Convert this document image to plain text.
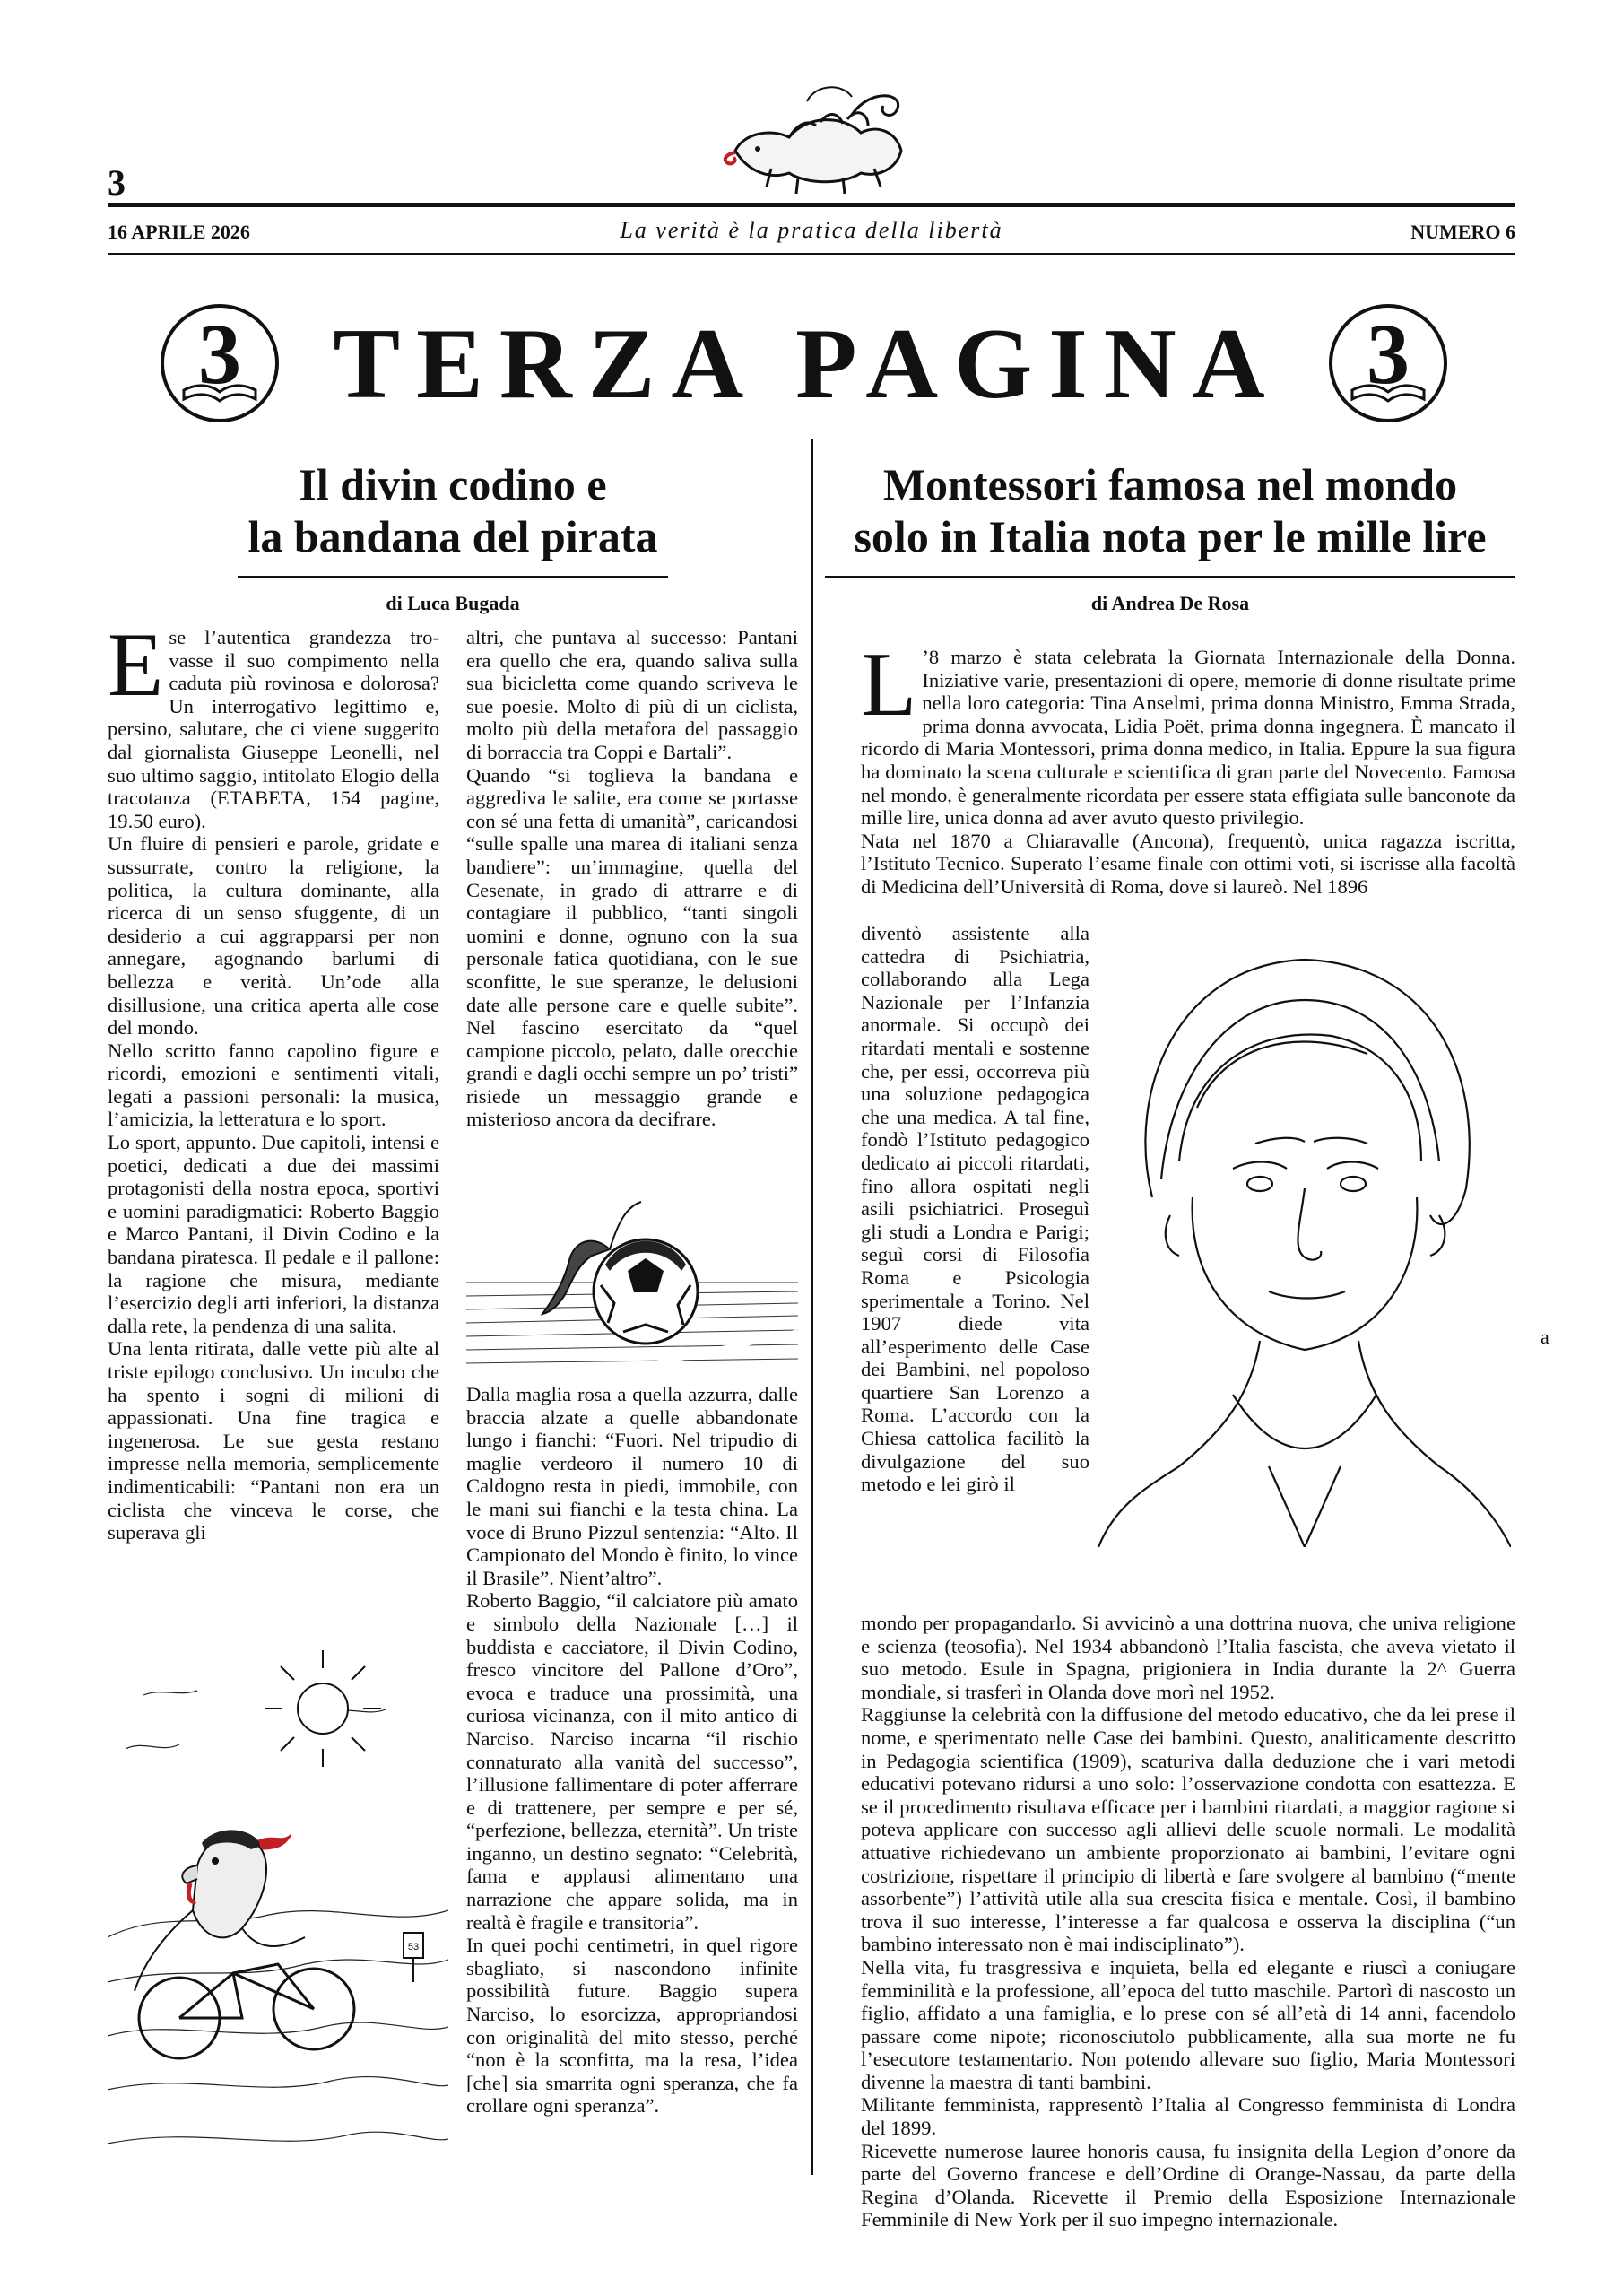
3
16 APRILE 2026	La verità è la pratica della libertà	NUMERO 6
3 TERZA PAGINA 3
Il divin codino e
la bandana del pirata
di Luca Bugada

E se l’autentica grandezza tro-vasse il suo compimento nella caduta più rovinosa e dolorosa? Un interrogativo legittimo e, persino, salutare, che ci viene suggerito dal giornalista Giuseppe Leonelli, nel suo ultimo saggio, intitolato Elogio della tracotanza (ETABETA, 154 pagine, 19.50 euro).

Un fluire di pensieri e parole, gridate e sussurrate, contro la religione, la politica, la cultura dominante, alla ricerca di un senso sfuggente, di un desiderio a cui aggrapparsi per non annegare, agognando barlumi di bellezza e verità. Un’ode alla disillusione, una critica aperta alle cose del mondo.

Nello scritto fanno capolino figure e ricordi, emozioni e sentimenti vitali, legati a passioni personali: la musica, l’amicizia, la letteratura e lo sport.

Lo sport, appunto. Due capitoli, intensi e poetici, dedicati a due dei massimi protagonisti della nostra epoca, sportivi e uomini paradigmatici: Roberto Baggio e Marco Pantani, il Divin Codino e la bandana piratesca. Il pedale e il pallone: la ragione che misura, mediante l’esercizio degli arti inferiori, la distanza dalla rete, la pendenza di una salita.

Una lenta ritirata, dalle vette più alte al triste epilogo conclusivo. Un incubo che ha spento i sogni di milioni di appassionati. Una fine tragica e ingenerosa. Le sue gesta restano impresse nella memoria, semplicemente indimenticabili: “Pantani non era un ciclista che vinceva le corse, che superava gli

53

altri, che puntava al successo: Pantani era quello che era, quando saliva sulla sua bicicletta come quando scriveva le sue poesie. Molto di più di un ciclista, molto più della metafora del passaggio di borraccia tra Coppi e Bartali”.

Quando “si toglieva la bandana e aggrediva le salite, era come se portasse con sé una fetta di umanità”, caricandosi “sulle spalle una marea di italiani senza bandiere”: un’immagine, quella del Cesenate, in grado di attrarre e di contagiare il pubblico, “tanti singoli uomini e donne, ognuno con la sua personale fatica quotidiana, con le sue sconfitte, le sue speranze, le delusioni date alle persone care e quelle subite”. Nel fascino esercitato da “quel campione piccolo, pelato, dalle orecchie grandi e dagli occhi sempre un po’ tristi” risiede un messaggio grande e misterioso ancora da decifrare.

Dalla maglia rosa a quella azzurra, dalle braccia alzate a quelle abbandonate lungo i fianchi: “Fuori. Nel tripudio di maglie verdeoro il numero 10 di Caldogno resta in piedi, immobile, con le mani sui fianchi e la testa china. La voce di Bruno Pizzul sentenzia: “Alto. Il Campionato del Mondo è finito, lo vince il Brasile”. Nient’altro”.

Roberto Baggio, “il calciatore più amato e simbolo della Nazionale […] il buddista e cacciatore, il Divin Codino, fresco vincitore del Pallone d’Oro”, evoca e traduce una prossimità, una curiosa vicinanza, con il mito antico di Narciso. Narciso incarna “il rischio connaturato alla vanità del successo”, l’illusione fallimentare di poter afferrare e di trattenere, per sempre e per sé, “perfezione, bellezza, eternità”. Un triste inganno, un destino segnato: “Celebrità, fama e applausi alimentano una narrazione che appare solida, ma in realtà è fragile e transitoria”.

In quei pochi centimetri, in quel rigore sbagliato, si nascondono infinite possibilità future. Baggio supera Narciso, lo esorcizza, appropriandosi con originalità del mito stesso, perché “non è la sconfitta, ma la resa, l’idea [che] sia smarrita ogni speranza, che fa crollare ogni speranza”.

Montessori famosa nel mondo
solo in Italia nota per le mille lire
di Andrea De Rosa

L ’8 marzo è stata celebrata la Giornata Internazionale della Donna. Iniziative varie, presentazioni di opere, memorie di donne risultate prime nella loro categoria: Tina Anselmi, prima donna Ministro, Emma Strada, prima donna avvocata, Lidia Poët, prima donna ingegnera. È mancato il ricordo di Maria Montessori, prima donna medico, in Italia. Eppure la sua figura ha dominato la scena culturale e scientifica di gran parte del Novecento. Famosa nel mondo, è generalmente ricordata per essere stata effigiata sulle banconote da mille lire, unica donna ad aver avuto questo privilegio.

Nata nel 1870 a Chiaravalle (Ancona), frequentò, unica ragazza iscritta, l’Istituto Tecnico. Superato l’esame finale con ottimi voti, si iscrisse alla facoltà di Medicina dell’Università di Roma, dove si laureò. Nel 1896

diventò assistente alla cattedra di Psichiatria, collaborando alla Lega Nazionale per l’Infanzia anormale. Si occupò dei ritardati mentali e sostenne che, per essi, occorreva più una soluzione pedagogica che una medica. A tal fine, fondò l’Istituto pedagogico dedicato ai piccoli ritardati, fino allora ospitati negli asili psichiatrici. Proseguì gli studi a Londra e Parigi; seguì corsi di Filosofia Roma e Psicologia sperimentale a Torino. Nel 1907 diede vita all’esperimento delle Case dei Bambini, nel popoloso quartiere San Lorenzo a Roma. L’accordo con la Chiesa cattolica facilitò la divulgazione del suo metodo e lei girò il

a

mondo per propagandarlo. Si avvicinò a una dottrina nuova, che univa religione e scienza (teosofia). Nel 1934 abbandonò l’Italia fascista, che aveva vietato il suo metodo. Esule in Spagna, prigioniera in India durante la 2^ Guerra mondiale, si trasferì in Olanda dove morì nel 1952.

Raggiunse la celebrità con la diffusione del metodo educativo, che da lei prese il nome, e sperimentato nelle Case dei bambini. Questo, analiticamente descritto in Pedagogia scientifica (1909), scaturiva dalla deduzione che i vari metodi educativi potevano ridursi a uno solo: l’osservazione condotta con esattezza. E se il procedimento risultava efficace per i bambini ritardati, a maggior ragione si poteva applicare con successo agli allievi delle scuole normali. Le modalità attuative richiedevano un ambiente proporzionato ai bambini, l’evitare ogni costrizione, rispettare il principio di libertà e fare svolgere al bambino (“mente assorbente”) l’attività utile alla sua crescita fisica e mentale. Così, il bambino trova il suo interesse, l’interesse a far qualcosa e osserva la disciplina (“un bambino interessato non è mai indisciplinato”).

Nella vita, fu trasgressiva e inquieta, bella ed elegante e riuscì a coniugare femminilità e la professione, all’epoca del tutto maschile. Partorì di nascosto un figlio, affidato a una famiglia, e lo prese con sé all’età di 14 anni, facendolo passare come nipote; riconosciutolo pubblicamente, alla sua morte ne fu l’esecutore testamentario. Non potendo allevare suo figlio, Maria Montessori divenne la maestra di tanti bambini.

Militante femminista, rappresentò l’Italia al Congresso femminista di Londra del 1899.

Ricevette numerose lauree honoris causa, fu insignita della Legion d’onore da parte del Governo francese e dell’Ordine di Orange-Nassau, da parte della Regina d’Olanda. Ricevette il Premio della Esposizione Internazionale Femminile di New York per il suo impegno internazionale.
